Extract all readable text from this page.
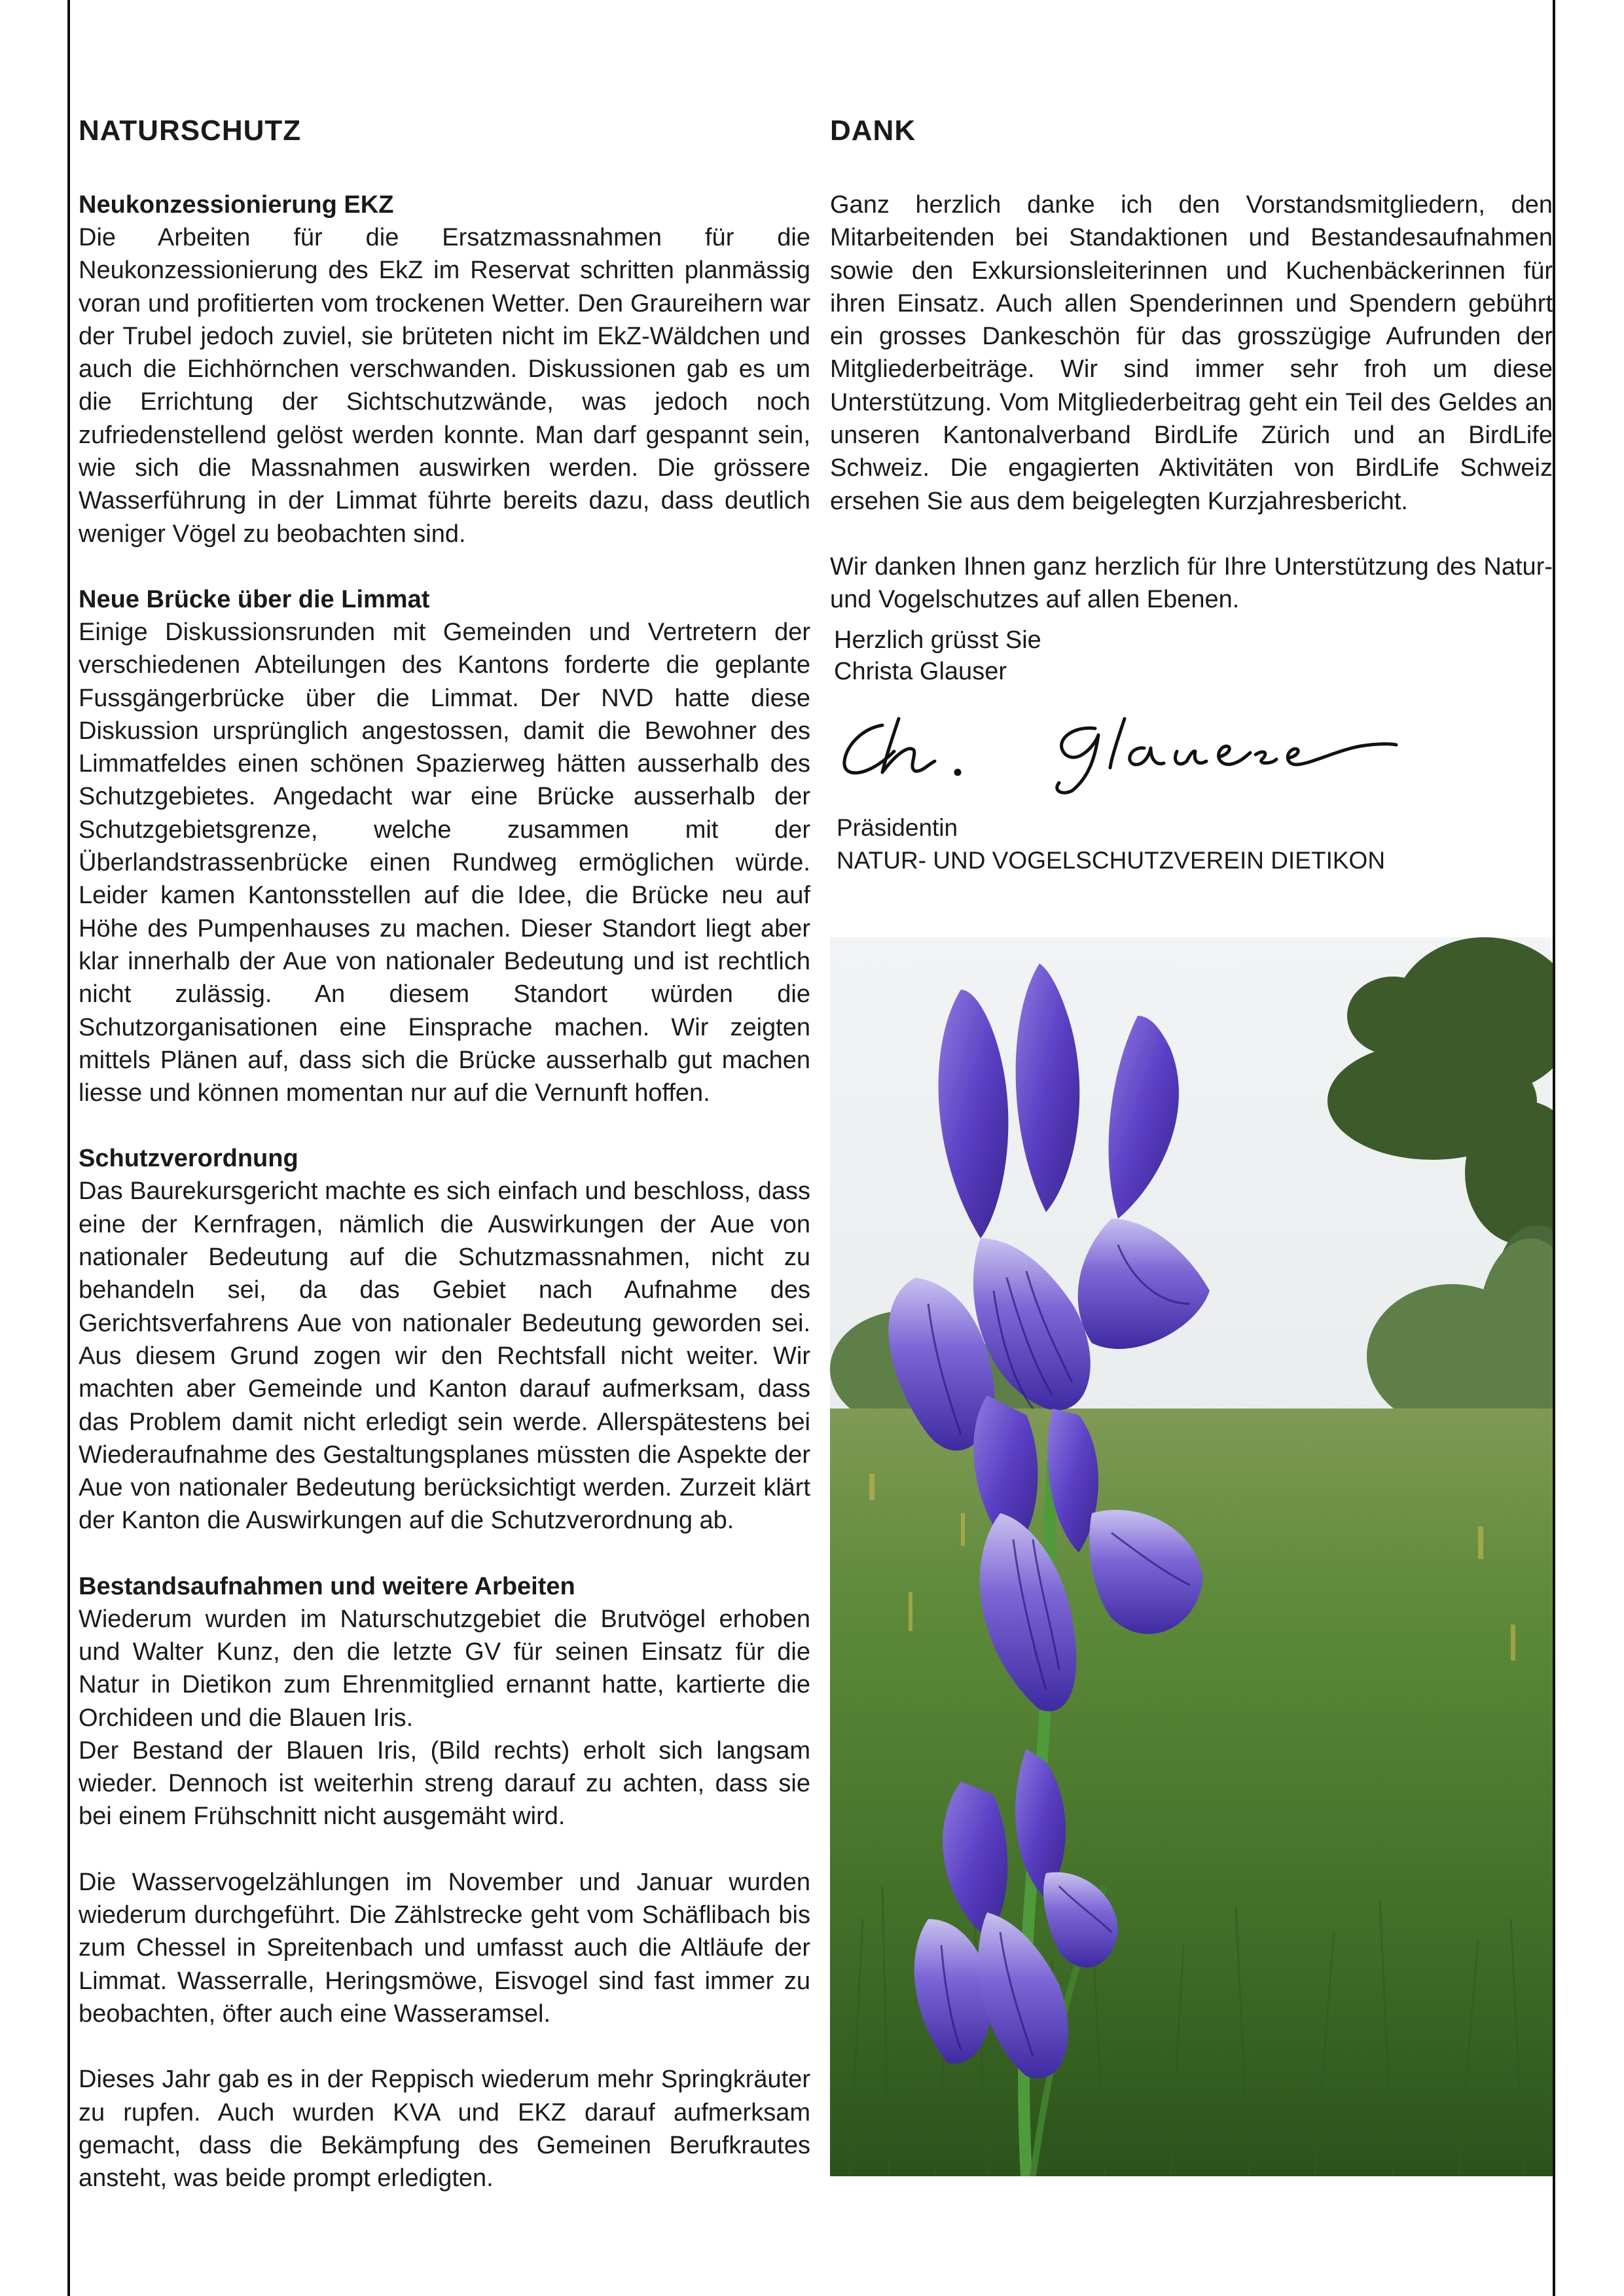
NATURSCHUTZ
Neukonzessionierung EKZ

Die Arbeiten für die Ersatzmassnahmen für die Neukonzessionierung des EkZ im Reservat schritten planmässig voran und profitierten vom trockenen Wetter. Den Graureihern war der Trubel jedoch zuviel, sie brüteten nicht im EkZ-Wäldchen und auch die Eichhörnchen verschwanden. Diskussionen gab es um die Errichtung der Sichtschutzwände, was jedoch noch zufriedenstellend gelöst werden konnte. Man darf gespannt sein, wie sich die Massnahmen auswirken werden. Die grössere Wasserführung in der Limmat führte bereits dazu, dass deutlich weniger Vögel zu beobachten sind.

Neue Brücke über die Limmat

Einige Diskussionsrunden mit Gemeinden und Vertretern der verschiedenen Abteilungen des Kantons forderte die geplante Fussgängerbrücke über die Limmat. Der NVD hatte diese Diskussion ursprünglich angestossen, damit die Bewohner des Limmatfeldes einen schönen Spazierweg hätten ausserhalb des Schutzgebietes. Angedacht war eine Brücke ausserhalb der Schutzgebietsgrenze, welche zusammen mit der Überlandstrassenbrücke einen Rundweg ermöglichen würde. Leider kamen Kantonsstellen auf die Idee, die Brücke neu auf Höhe des Pumpenhauses zu machen. Dieser Standort liegt aber klar innerhalb der Aue von nationaler Bedeutung und ist rechtlich nicht zulässig. An diesem Standort würden die Schutzorganisationen eine Einsprache machen. Wir zeigten mittels Plänen auf, dass sich die Brücke ausserhalb gut machen liesse und können momentan nur auf die Vernunft hoffen.

Schutzverordnung

Das Baurekursgericht machte es sich einfach und beschloss, dass eine der Kernfragen, nämlich die Auswirkungen der Aue von nationaler Bedeutung auf die Schutzmassnahmen, nicht zu behandeln sei, da das Gebiet nach Aufnahme des Gerichtsverfahrens Aue von nationaler Bedeutung geworden sei. Aus diesem Grund zogen wir den Rechtsfall nicht weiter. Wir machten aber Gemeinde und Kanton darauf aufmerksam, dass das Problem damit nicht erledigt sein werde. Allerspätestens bei Wiederaufnahme des Gestaltungsplanes müssten die Aspekte der Aue von nationaler Bedeutung berücksichtigt werden. Zurzeit klärt der Kanton die Auswirkungen auf die Schutzverordnung ab.

Bestandsaufnahmen und weitere Arbeiten

Wiederum wurden im Naturschutzgebiet die Brutvögel erhoben und Walter Kunz, den die letzte GV für seinen Einsatz für die Natur in Dietikon zum Ehrenmitglied ernannt hatte, kartierte die Orchideen und die Blauen Iris.
Der Bestand der Blauen Iris, (Bild rechts) erholt sich langsam wieder. Dennoch ist weiterhin streng darauf zu achten, dass sie bei einem Frühschnitt nicht ausgemäht wird.

Die Wasservogelzählungen im November und Januar wurden wiederum durchgeführt. Die Zählstrecke geht vom Schäflibach bis zum Chessel in Spreitenbach und umfasst auch die Altläufe der Limmat. Wasserralle, Heringsmöwe, Eisvogel sind fast immer zu beobachten, öfter auch eine Wasseramsel.

Dieses Jahr gab es in der Reppisch wiederum mehr Springkräuter zu rupfen. Auch wurden KVA und EKZ darauf aufmerksam gemacht, dass die Bekämpfung des Gemeinen Berufkrautes ansteht, was beide prompt erledigten.

DANK

Ganz herzlich danke ich den Vorstandsmitgliedern, den Mitarbeitenden bei Standaktionen und Bestandesaufnahmen sowie den Exkursionsleiterinnen und Kuchenbäckerinnen für ihren Einsatz. Auch allen Spenderinnen und Spendern gebührt ein grosses Dankeschön für das grosszügige Aufrunden der Mitgliederbeiträge. Wir sind immer sehr froh um diese Unterstützung. Vom Mitgliederbeitrag geht ein Teil des Geldes an unseren Kantonalverband BirdLife Zürich und an BirdLife Schweiz. Die engagierten Aktivitäten von BirdLife Schweiz ersehen Sie aus dem beigelegten Kurzjahresbericht.

Wir danken Ihnen ganz herzlich für Ihre Unterstützung des Natur- und Vogelschutzes auf allen Ebenen.

Herzlich grüsst Sie
Christa Glauser
Präsidentin
NATUR- UND VOGELSCHUTZVEREIN DIETIKON
